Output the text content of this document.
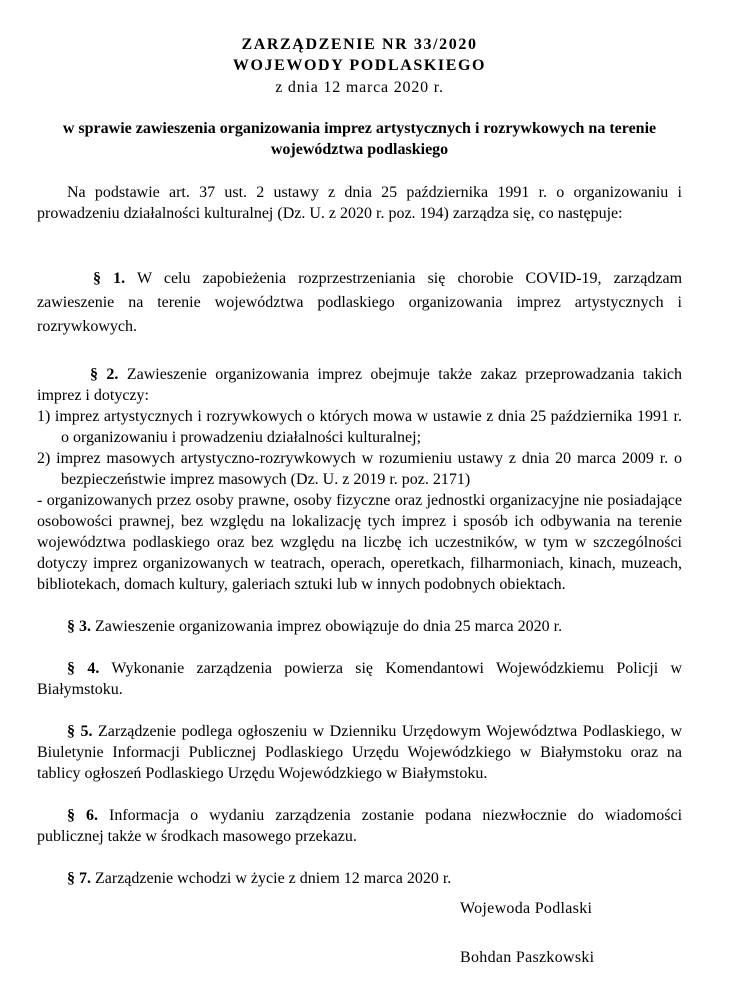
ZARZĄDZENIE NR 33/2020
WOJEWODY PODLASKIEGO
z dnia 12 marca 2020 r.
w sprawie zawieszenia organizowania imprez artystycznych i rozrywkowych na terenie
województwa podlaskiego

Na podstawie art. 37 ust. 2 ustawy z dnia 25 października 1991 r. o organizowaniu i prowadzeniu działalności kulturalnej (Dz. U. z 2020 r. poz. 194) zarządza się, co następuje:

§ 1. W celu zapobieżenia rozprzestrzeniania się chorobie COVID-19, zarządzam zawieszenie na terenie województwa podlaskiego organizowania imprez artystycznych i rozrywkowych.

§ 2. Zawieszenie organizowania imprez obejmuje także zakaz przeprowadzania takich imprez i dotyczy:

1) imprez artystycznych i rozrywkowych o których mowa w ustawie z dnia 25 października 1991 r. o organizowaniu i prowadzeniu działalności kulturalnej;

2) imprez masowych artystyczno-rozrywkowych w rozumieniu ustawy z dnia 20 marca 2009 r. o bezpieczeństwie imprez masowych (Dz. U. z 2019 r. poz. 2171)

- organizowanych przez osoby prawne, osoby fizyczne oraz jednostki organizacyjne nie posiadające osobowości prawnej, bez względu na lokalizację tych imprez i sposób ich odbywania na terenie województwa podlaskiego oraz bez względu na liczbę ich uczestników, w tym w szczególności dotyczy imprez organizowanych w teatrach, operach, operetkach, filharmoniach, kinach, muzeach, bibliotekach, domach kultury, galeriach sztuki lub w innych podobnych obiektach.

§ 3. Zawieszenie organizowania imprez obowiązuje do dnia 25 marca 2020 r.

§ 4. Wykonanie zarządzenia powierza się Komendantowi Wojewódzkiemu Policji w Białymstoku.

§ 5. Zarządzenie podlega ogłoszeniu w Dzienniku Urzędowym Województwa Podlaskiego, w Biuletynie Informacji Publicznej Podlaskiego Urzędu Wojewódzkiego w Białymstoku oraz na tablicy ogłoszeń Podlaskiego Urzędu Wojewódzkiego w Białymstoku.

§ 6. Informacja o wydaniu zarządzenia zostanie podana niezwłocznie do wiadomości publicznej także w środkach masowego przekazu.

§ 7. Zarządzenie wchodzi w życie z dniem 12 marca 2020 r.

Wojewoda Podlaski
Bohdan Paszkowski
